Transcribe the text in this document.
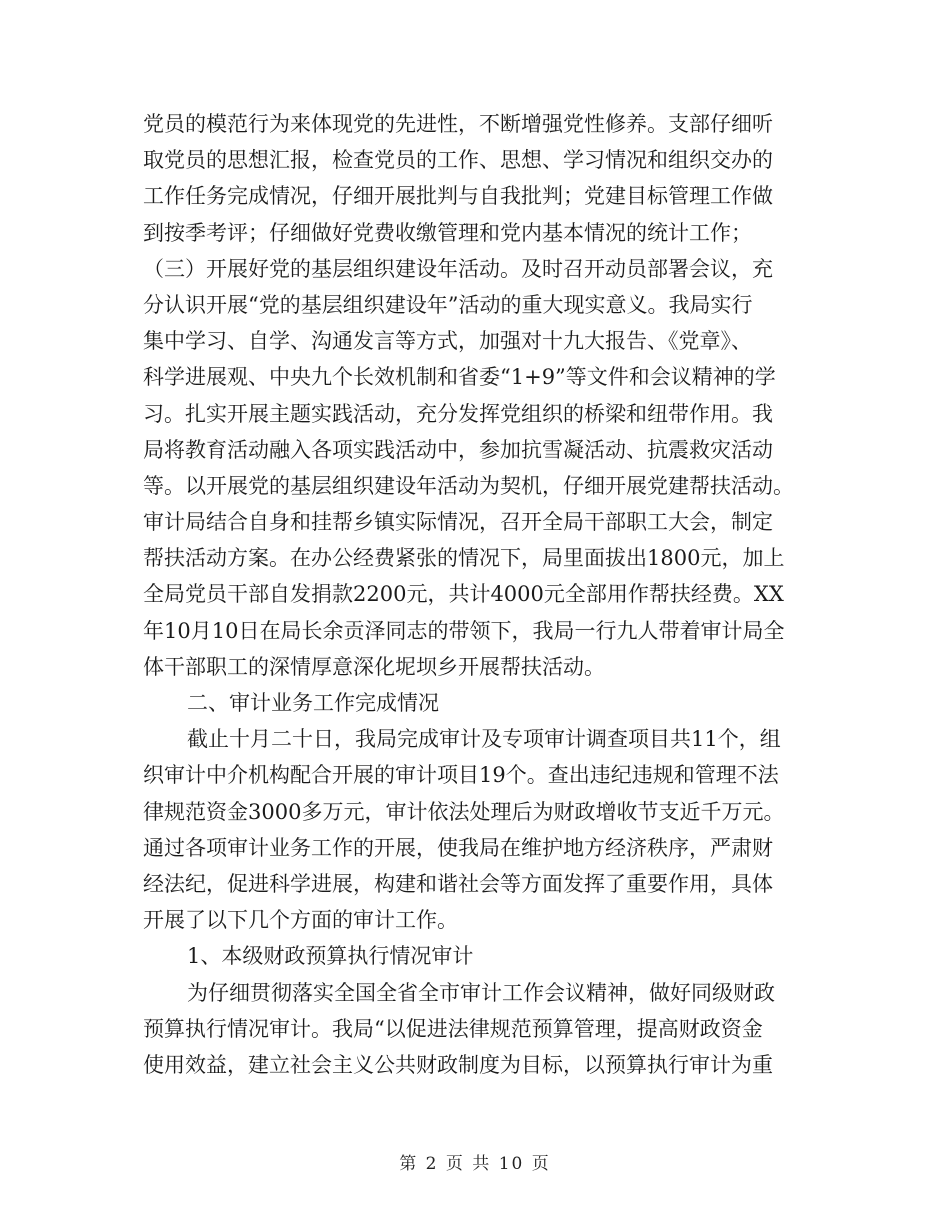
党员的模范行为来体现党的先进性，不断增强党性修养。支部仔细听
取党员的思想汇报，检查党员的工作、思想、学习情况和组织交办的
工作任务完成情况，仔细开展批判与自我批判；党建目标管理工作做
到按季考评；仔细做好党费收缴管理和党内基本情况的统计工作；
（三）开展好党的基层组织建设年活动。及时召开动员部署会议，充
分认识开展“党的基层组织建设年”活动的重大现实意义。我局实行
集中学习、自学、沟通发言等方式，加强对十九大报告、《党章》、
科学进展观、中央九个长效机制和省委“1+9”等文件和会议精神的学
习。扎实开展主题实践活动，充分发挥党组织的桥梁和纽带作用。我
局将教育活动融入各项实践活动中，参加抗雪凝活动、抗震救灾活动
等。以开展党的基层组织建设年活动为契机，仔细开展党建帮扶活动。
审计局结合自身和挂帮乡镇实际情况，召开全局干部职工大会，制定
帮扶活动方案。在办公经费紧张的情况下，局里面拔出1800元，加上
全局党员干部自发捐款2200元，共计4000元全部用作帮扶经费。XX
年10月10日在局长余贡泽同志的带领下，我局一行九人带着审计局全
体干部职工的深情厚意深化坭坝乡开展帮扶活动。
二、审计业务工作完成情况
截止十月二十日，我局完成审计及专项审计调查项目共11个，组
织审计中介机构配合开展的审计项目19个。查出违纪违规和管理不法
律规范资金3000多万元，审计依法处理后为财政增收节支近千万元。
通过各项审计业务工作的开展，使我局在维护地方经济秩序，严肃财
经法纪，促进科学进展，构建和谐社会等方面发挥了重要作用，具体
开展了以下几个方面的审计工作。
1、本级财政预算执行情况审计
为仔细贯彻落实全国全省全市审计工作会议精神，做好同级财政
预算执行情况审计。我局“以促进法律规范预算管理，提高财政资金
使用效益，建立社会主义公共财政制度为目标，以预算执行审计为重
第 2 页 共 10 页
